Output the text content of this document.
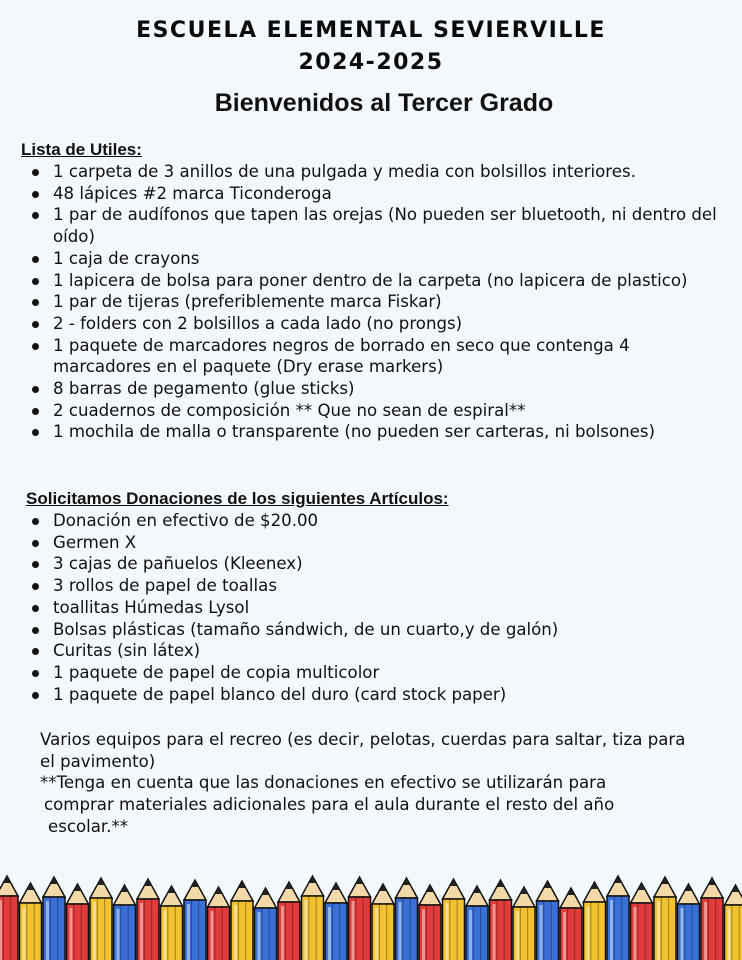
ESCUELA ELEMENTAL SEVIERVILLE
2024-2025
Bienvenidos al Tercer Grado
Lista de Utiles:
1 carpeta de 3 anillos de una pulgada y media con bolsillos interiores.
48 lápices #2 marca Ticonderoga
1 par de audífonos que tapen las orejas (No pueden ser bluetooth, ni dentro del oído)
1 caja de crayons
1 lapicera de bolsa para poner dentro de la carpeta (no lapicera de plastico)
1 par de tijeras (preferiblemente marca Fiskar)
2 - folders con 2 bolsillos a cada lado (no prongs)
1 paquete de marcadores negros de borrado en seco que contenga 4 marcadores en el paquete (Dry erase markers)
8 barras de pegamento (glue sticks)
2 cuadernos de composición ** Que no sean de espiral**
1 mochila de malla o transparente (no pueden ser carteras, ni bolsones)
Solicitamos Donaciones de los siguientes Artículos:
Donación en efectivo de $20.00
Germen X
3 cajas de pañuelos (Kleenex)
3 rollos de papel de toallas
toallitas Húmedas Lysol
Bolsas plásticas (tamaño sándwich, de un cuarto,y de galón)
Curitas (sin látex)
1 paquete de papel de copia multicolor
1 paquete de papel blanco del duro (card stock paper)
Varios equipos para el recreo (es decir, pelotas, cuerdas para saltar, tiza para el pavimento)
**Tenga en cuenta que las donaciones en efectivo se utilizarán para
comprar materiales adicionales para el aula durante el resto del año
escolar.**
